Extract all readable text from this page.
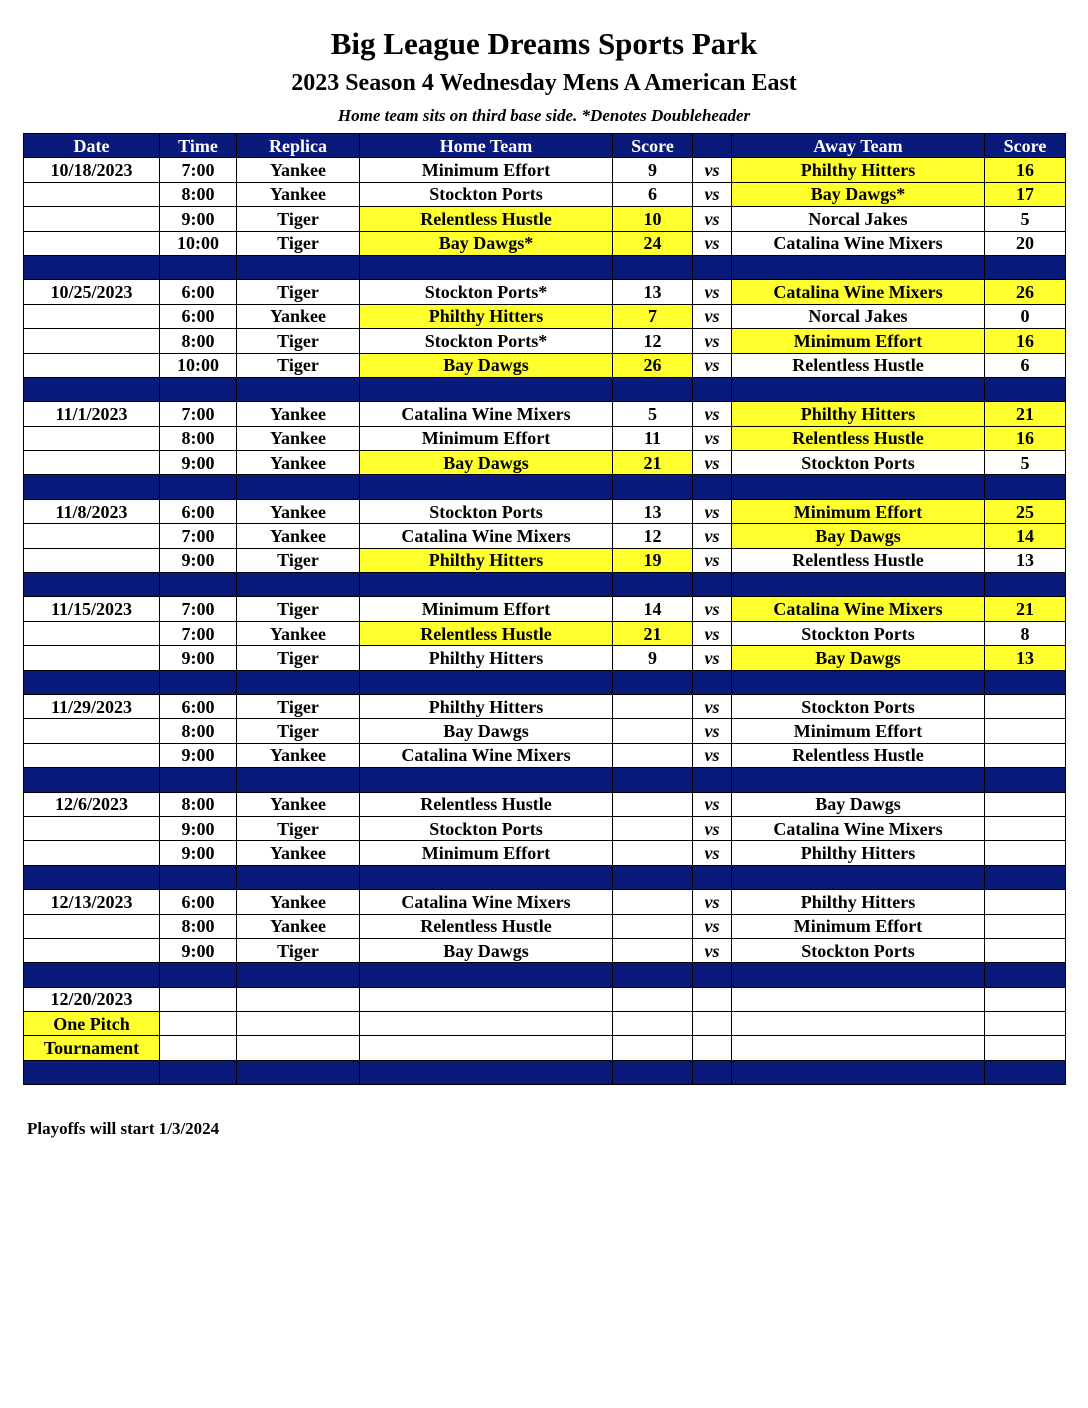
Big League Dreams Sports Park
2023 Season 4 Wednesday Mens A American East
Home team sits on third base side. *Denotes Doubleheader
Date	Time	Replica	Home Team	Score		Away Team	Score
10/18/2023	7:00	Yankee	Minimum Effort	9	vs	Philthy Hitters	16
	8:00	Yankee	Stockton Ports	6	vs	Bay Dawgs*	17
	9:00	Tiger	Relentless Hustle	10	vs	Norcal Jakes	5
	10:00	Tiger	Bay Dawgs*	24	vs	Catalina Wine Mixers	20

10/25/2023	6:00	Tiger	Stockton Ports*	13	vs	Catalina Wine Mixers	26
	6:00	Yankee	Philthy Hitters	7	vs	Norcal Jakes	0
	8:00	Tiger	Stockton Ports*	12	vs	Minimum Effort	16
	10:00	Tiger	Bay Dawgs	26	vs	Relentless Hustle	6

11/1/2023	7:00	Yankee	Catalina Wine Mixers	5	vs	Philthy Hitters	21
	8:00	Yankee	Minimum Effort	11	vs	Relentless Hustle	16
	9:00	Yankee	Bay Dawgs	21	vs	Stockton Ports	5

11/8/2023	6:00	Yankee	Stockton Ports	13	vs	Minimum Effort	25
	7:00	Yankee	Catalina Wine Mixers	12	vs	Bay Dawgs	14
	9:00	Tiger	Philthy Hitters	19	vs	Relentless Hustle	13

11/15/2023	7:00	Tiger	Minimum Effort	14	vs	Catalina Wine Mixers	21
	7:00	Yankee	Relentless Hustle	21	vs	Stockton Ports	8
	9:00	Tiger	Philthy Hitters	9	vs	Bay Dawgs	13

11/29/2023	6:00	Tiger	Philthy Hitters		vs	Stockton Ports	
	8:00	Tiger	Bay Dawgs		vs	Minimum Effort	
	9:00	Yankee	Catalina Wine Mixers		vs	Relentless Hustle	

12/6/2023	8:00	Yankee	Relentless Hustle		vs	Bay Dawgs	
	9:00	Tiger	Stockton Ports		vs	Catalina Wine Mixers	
	9:00	Yankee	Minimum Effort		vs	Philthy Hitters	

12/13/2023	6:00	Yankee	Catalina Wine Mixers		vs	Philthy Hitters	
	8:00	Yankee	Relentless Hustle		vs	Minimum Effort	
	9:00	Tiger	Bay Dawgs		vs	Stockton Ports	

12/20/2023							
One Pitch							
Tournament							

Playoffs will start 1/3/2024
